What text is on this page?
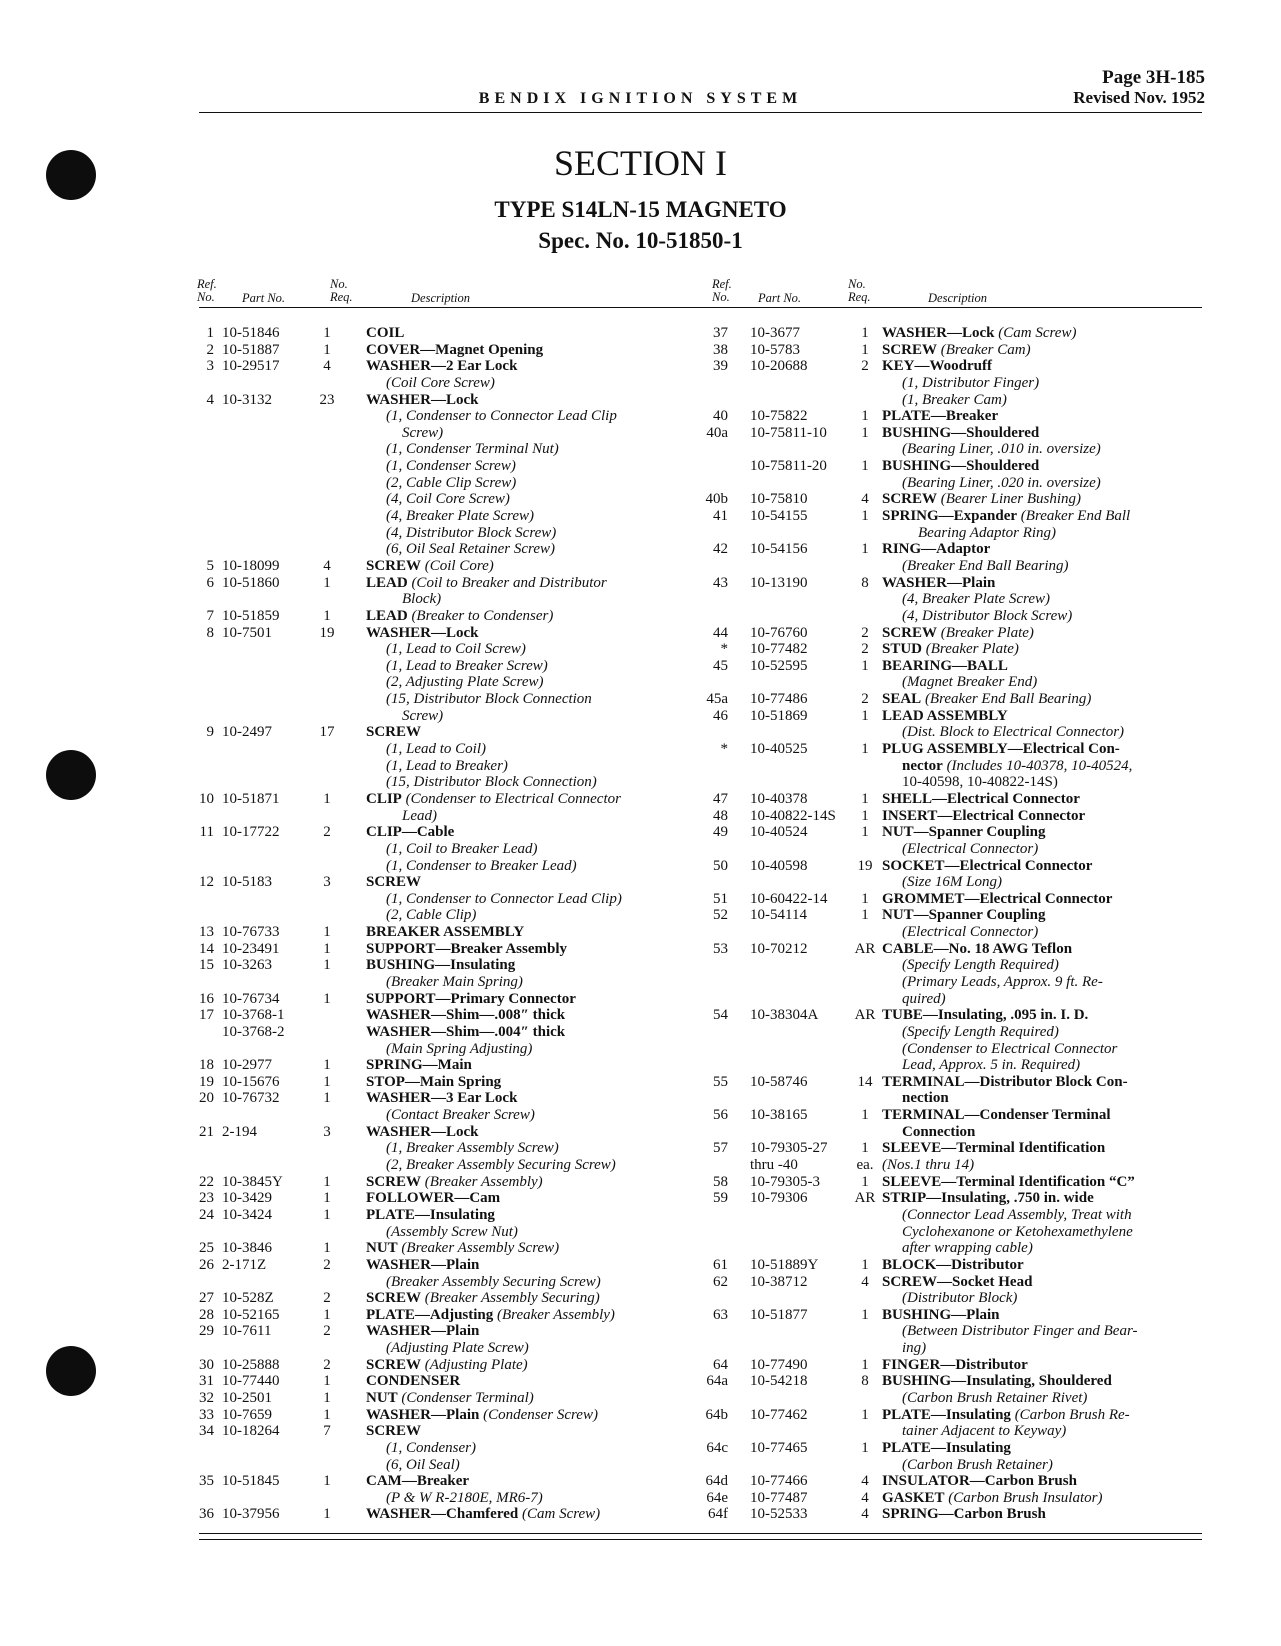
BENDIX IGNITION SYSTEM
Page 3H-185
Revised Nov. 1952
SECTION I
TYPE S14LN-15 MAGNETO
Spec. No. 10-51850-1
Ref.
No. Part No.
No.
Req.	Description
Ref.
No. Part No.
No.
Req.	Description
1 10-51846	1	COIL
2 10-51887	1	COVER—Magnet Opening
3 10-29517	4	WASHER—2 Ear Lock
(Coil Core Screw)
4 10-3132	23	WASHER—Lock
(1, Condenser to Connector Lead Clip
Screw)
(1, Condenser Terminal Nut)
(1, Condenser Screw)
(2, Cable Clip Screw)
(4, Coil Core Screw)
(4, Breaker Plate Screw)
(4, Distributor Block Screw)
(6, Oil Seal Retainer Screw)
5 10-18099	4	SCREW (Coil Core)
6 10-51860	1	LEAD (Coil to Breaker and Distributor
Block)
7 10-51859	1	LEAD (Breaker to Condenser)
8 10-7501	19	WASHER—Lock
(1, Lead to Coil Screw)
(1, Lead to Breaker Screw)
(2, Adjusting Plate Screw)
(15, Distributor Block Connection
Screw)
9 10-2497	17	SCREW
(1, Lead to Coil)
(1, Lead to Breaker)
(15, Distributor Block Connection)
10 10-51871	1	CLIP (Condenser to Electrical Connector
Lead)
11 10-17722	2	CLIP—Cable
(1, Coil to Breaker Lead)
(1, Condenser to Breaker Lead)
12 10-5183	3	SCREW
(1, Condenser to Connector Lead Clip)
(2, Cable Clip)
13 10-76733	1	BREAKER ASSEMBLY
14 10-23491	1	SUPPORT—Breaker Assembly
15 10-3263	1	BUSHING—Insulating
(Breaker Main Spring)
16 10-76734	1	SUPPORT—Primary Connector
17 10-3768-1	WASHER—Shim—.008″ thick
10-3768-2	WASHER—Shim—.004″ thick
(Main Spring Adjusting)
18 10-2977	1	SPRING—Main
19 10-15676	1	STOP—Main Spring
20 10-76732	1	WASHER—3 Ear Lock
(Contact Breaker Screw)
21 2-194	3	WASHER—Lock
(1, Breaker Assembly Screw)
(2, Breaker Assembly Securing Screw)
22 10-3845Y	1	SCREW (Breaker Assembly)
23 10-3429	1	FOLLOWER—Cam
24 10-3424	1	PLATE—Insulating
(Assembly Screw Nut)
25 10-3846	1	NUT (Breaker Assembly Screw)
26 2-171Z	2	WASHER—Plain
(Breaker Assembly Securing Screw)
27 10-528Z	2	SCREW (Breaker Assembly Securing)
28 10-52165	1	PLATE—Adjusting (Breaker Assembly)
29 10-7611	2	WASHER—Plain
(Adjusting Plate Screw)
30 10-25888	2	SCREW (Adjusting Plate)
31 10-77440	1	CONDENSER
32 10-2501	1	NUT (Condenser Terminal)
33 10-7659	1	WASHER—Plain (Condenser Screw)
34 10-18264	7	SCREW
(1, Condenser)
(6, Oil Seal)
35 10-51845	1	CAM—Breaker
(P & W R-2180E, MR6-7)
36 10-37956	1	WASHER—Chamfered (Cam Screw)
37 10-3677	1 WASHER—Lock (Cam Screw)
38 10-5783	1 SCREW (Breaker Cam)
39 10-20688	2 KEY—Woodruff
(1, Distributor Finger)
(1, Breaker Cam)
40 10-75822	1 PLATE—Breaker
40a 10-75811-10	1 BUSHING—Shouldered
(Bearing Liner, .010 in. oversize)
10-75811-20	1 BUSHING—Shouldered
(Bearing Liner, .020 in. oversize)
40b 10-75810	4 SCREW (Bearer Liner Bushing)
41 10-54155	1 SPRING—Expander (Breaker End Ball
Bearing Adaptor Ring)
42 10-54156	1 RING—Adaptor
(Breaker End Ball Bearing)
43 10-13190	8 WASHER—Plain
(4, Breaker Plate Screw)
(4, Distributor Block Screw)
44 10-76760	2 SCREW (Breaker Plate)
* 10-77482	2 STUD (Breaker Plate)
45 10-52595	1 BEARING—BALL
(Magnet Breaker End)
45a 10-77486	2 SEAL (Breaker End Ball Bearing)
46 10-51869	1 LEAD ASSEMBLY
(Dist. Block to Electrical Connector)
* 10-40525	1 PLUG ASSEMBLY—Electrical Con-
nector (Includes 10-40378, 10-40524,
10-40598, 10-40822-14S)
47 10-40378	1 SHELL—Electrical Connector
48 10-40822-14S	1 INSERT—Electrical Connector
49 10-40524	1 NUT—Spanner Coupling
(Electrical Connector)
50 10-40598	19 SOCKET—Electrical Connector
(Size 16M Long)
51 10-60422-14	1 GROMMET—Electrical Connector
52 10-54114	1 NUT—Spanner Coupling
(Electrical Connector)
53 10-70212	AR CABLE—No. 18 AWG Teflon
(Specify Length Required)
(Primary Leads, Approx. 9 ft. Re-
quired)
54 10-38304A	AR TUBE—Insulating, .095 in. I. D.
(Specify Length Required)
(Condenser to Electrical Connector
Lead, Approx. 5 in. Required)
55 10-58746	14 TERMINAL—Distributor Block Con-
nection
56 10-38165	1 TERMINAL—Condenser Terminal
Connection
57 10-79305-27	1 SLEEVE—Terminal Identification
thru -40	ea. (Nos.1 thru 14)
58 10-79305-3	1 SLEEVE—Terminal Identification “C”
59 10-79306	AR STRIP—Insulating, .750 in. wide
(Connector Lead Assembly, Treat with
Cyclohexanone or Ketohexamethylene
after wrapping cable)
61 10-51889Y	1 BLOCK—Distributor
62 10-38712	4 SCREW—Socket Head
(Distributor Block)
63 10-51877	1 BUSHING—Plain
(Between Distributor Finger and Bear-
ing)
64 10-77490	1 FINGER—Distributor
64a 10-54218	8 BUSHING—Insulating, Shouldered
(Carbon Brush Retainer Rivet)
64b 10-77462	1 PLATE—Insulating (Carbon Brush Re-
tainer Adjacent to Keyway)
64c 10-77465	1 PLATE—Insulating
(Carbon Brush Retainer)
64d 10-77466	4 INSULATOR—Carbon Brush
64e 10-77487	4 GASKET (Carbon Brush Insulator)
64f 10-52533	4 SPRING—Carbon Brush
